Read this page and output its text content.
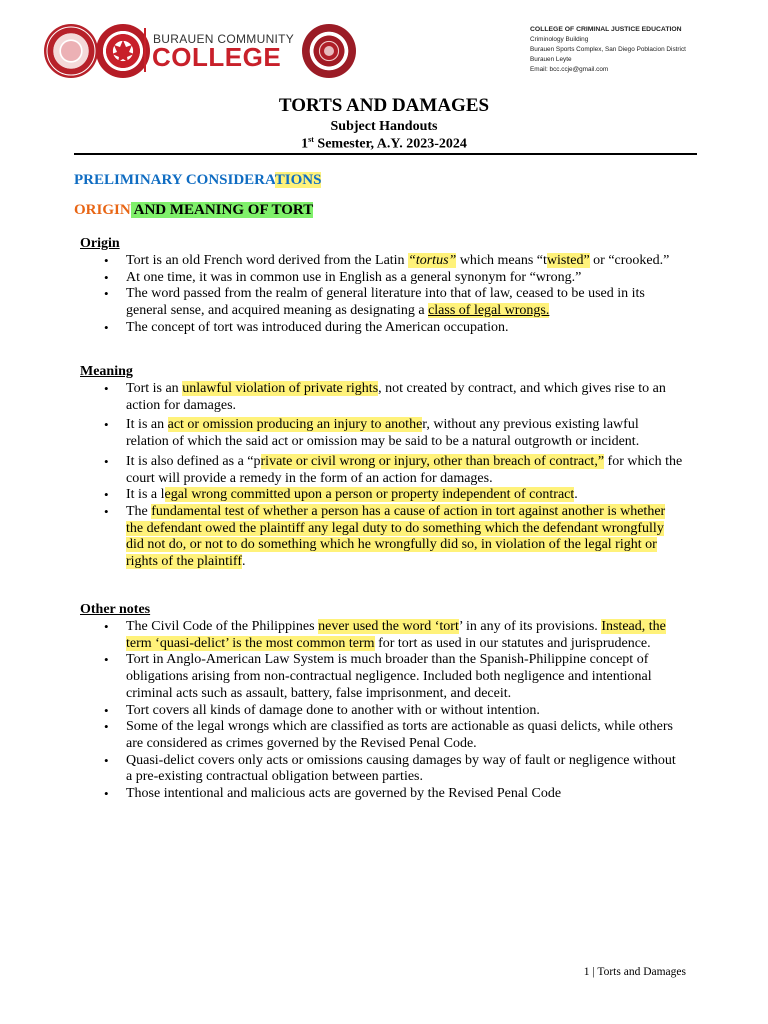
BURAUEN COMMUNITY
COLLEGE
COLLEGE OF CRIMINAL JUSTICE EDUCATION
Criminology Building
Burauen Sports Complex, San Diego Poblacion District
Burauen Leyte
Email: bcc.ccje@gmail.com
TORTS AND DAMAGES
Subject Handouts
1st Semester, A.Y. 2023-2024
PRELIMINARY CONSIDERATIONS
ORIGIN AND MEANING OF TORT
Origin
• Tort is an old French word derived from the Latin “tortus” which means “twisted” or “crooked.”
• At one time, it was in common use in English as a general synonym for “wrong.”
• The word passed from the realm of general literature into that of law, ceased to be used in its general sense, and acquired meaning as designating a class of legal wrongs.
• The concept of tort was introduced during the American occupation.
Meaning
• Tort is an unlawful violation of private rights, not created by contract, and which gives rise to an action for damages.
• It is an act or omission producing an injury to another, without any previous existing lawful relation of which the said act or omission may be said to be a natural outgrowth or incident.
• It is also defined as a “private or civil wrong or injury, other than breach of contract,” for which the court will provide a remedy in the form of an action for damages.
• It is a legal wrong committed upon a person or property independent of contract.
• The fundamental test of whether a person has a cause of action in tort against another is whether the defendant owed the plaintiff any legal duty to do something which the defendant wrongfully did not do, or not to do something which he wrongfully did so, in violation of the legal right or rights of the plaintiff.
Other notes
• The Civil Code of the Philippines never used the word ‘tort’ in any of its provisions. Instead, the term ‘quasi-delict’ is the most common term for tort as used in our statutes and jurisprudence.
• Tort in Anglo-American Law System is much broader than the Spanish-Philippine concept of obligations arising from non-contractual negligence. Included both negligence and intentional criminal acts such as assault, battery, false imprisonment, and deceit.
• Tort covers all kinds of damage done to another with or without intention.
• Some of the legal wrongs which are classified as torts are actionable as quasi delicts, while others are considered as crimes governed by the Revised Penal Code.
• Quasi-delict covers only acts or omissions causing damages by way of fault or negligence without a pre-existing contractual obligation between parties.
• Those intentional and malicious acts are governed by the Revised Penal Code
1 | Torts and Damages
